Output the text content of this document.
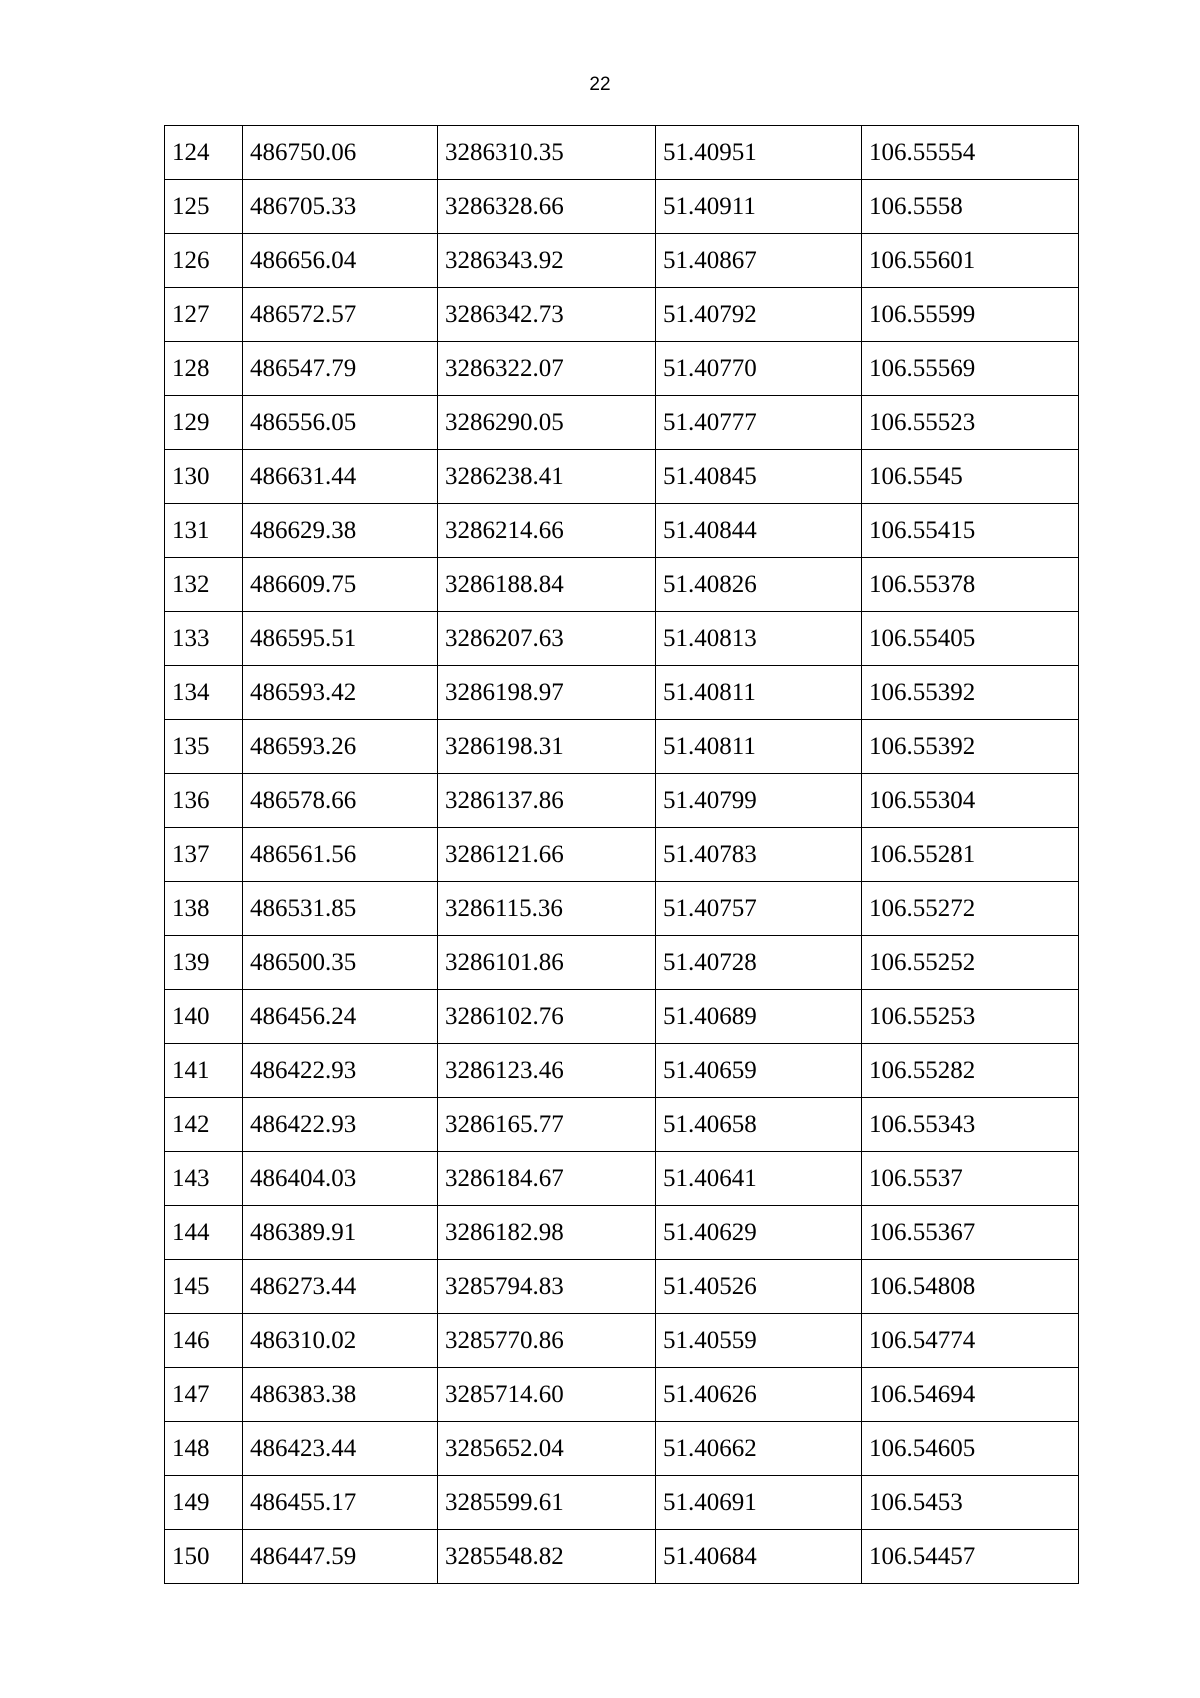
22
124	486750.06	3286310.35	51.40951	106.55554
125	486705.33	3286328.66	51.40911	106.5558
126	486656.04	3286343.92	51.40867	106.55601
127	486572.57	3286342.73	51.40792	106.55599
128	486547.79	3286322.07	51.40770	106.55569
129	486556.05	3286290.05	51.40777	106.55523
130	486631.44	3286238.41	51.40845	106.5545
131	486629.38	3286214.66	51.40844	106.55415
132	486609.75	3286188.84	51.40826	106.55378
133	486595.51	3286207.63	51.40813	106.55405
134	486593.42	3286198.97	51.40811	106.55392
135	486593.26	3286198.31	51.40811	106.55392
136	486578.66	3286137.86	51.40799	106.55304
137	486561.56	3286121.66	51.40783	106.55281
138	486531.85	3286115.36	51.40757	106.55272
139	486500.35	3286101.86	51.40728	106.55252
140	486456.24	3286102.76	51.40689	106.55253
141	486422.93	3286123.46	51.40659	106.55282
142	486422.93	3286165.77	51.40658	106.55343
143	486404.03	3286184.67	51.40641	106.5537
144	486389.91	3286182.98	51.40629	106.55367
145	486273.44	3285794.83	51.40526	106.54808
146	486310.02	3285770.86	51.40559	106.54774
147	486383.38	3285714.60	51.40626	106.54694
148	486423.44	3285652.04	51.40662	106.54605
149	486455.17	3285599.61	51.40691	106.5453
150	486447.59	3285548.82	51.40684	106.54457
